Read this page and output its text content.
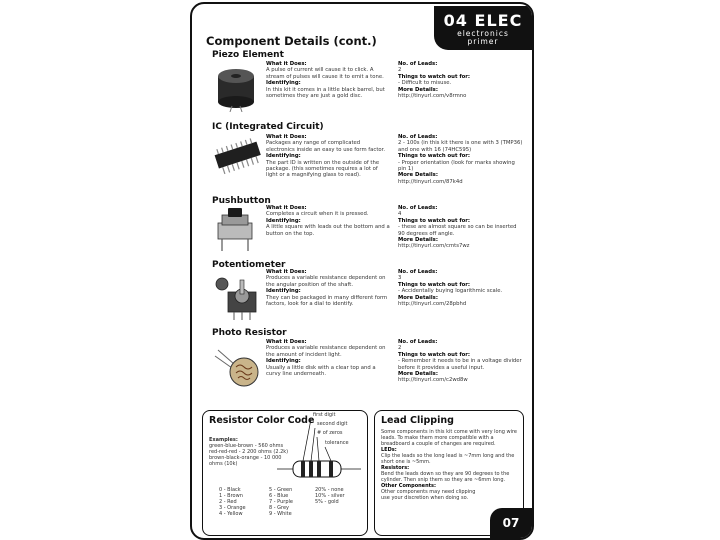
04 ELEC
electronics
primer
Component Details (cont.)
Piezo Element
What it Does:
A pulse of current will cause it to click. A stream of pulses will cause it to emit a tone.
Identifying:
In this kit it comes in a little black barrel, but sometimes they are just a gold disc.
No. of Leads:
2
Things to watch out for:
- Difficult to misuse.
More Details:
http://tinyurl.com/v8rmno
IC (Integrated Circuit)
What it Does:
Packages any range of complicated electronics inside an easy to use form factor.
Identifying:
The part ID is written on the outside of the package. (this sometimes requires a lot of light or a magnifying glass to read).
No. of Leads:
2 - 100s (in this kit there is one with 3 (TMP36) and one with 16 (74HC595)
Things to watch out for:
- Proper orientation (look for marks showing pin 1)
More Details:
http://tinyurl.com/87k4d
Pushbutton
What it Does:
Completes a circuit when it is pressed.
Identifying:
A little square with leads out the bottom and a button on the top.
No. of Leads:
4
Things to watch out for:
- these are almost square so can be inserted 90 degrees off angle.
More Details:
http://tinyurl.com/cmts7wz
Potentiometer
What it Does:
Produces a variable resistance dependent on the angular position of the shaft.
Identifying:
They can be packaged in many different form factors, look for a dial to identify.
No. of Leads:
3
Things to watch out for:
- Accidentally buying logarithmic scale.
More Details:
http://tinyurl.com/28pbhd
Photo Resistor
What it Does:
Produces a variable resistance dependent on the amount of incident light.
Identifying:
Usually a little disk with a clear top and a curvy line underneath.
No. of Leads:
2
Things to watch out for:
- Remember it needs to be in a voltage divider before it provides a useful input.
More Details:
http://tinyurl.com/c2wd8w
Resistor Color Code
first digit
second digit
# of zeros
tolerance
Examples:
green-blue-brown - 560 ohms
red-red-red - 2 200 ohms (2.2k)
brown-black-orange - 10 000 ohms (10k)
0 - Black
1 - Brown
2 - Red
3 - Orange
4 - Yellow
5 - Green
6 - Blue
7 - Purple
8 - Grey
9 - White
20% - none
10% - silver
5% - gold
Lead Clipping
Some components in this kit come with very long wire leads. To make them more compatible with a breadboard a couple of changes are required.
LEDs:
Clip the leads so the long lead is ~7mm long and the short one is ~5mm.
Resistors:
Bend the leads down so they are 90 degrees to the cylinder. Then snip them so they are ~6mm long.
Other Components:
Other components may need clipping use your discretion when doing so.
07
